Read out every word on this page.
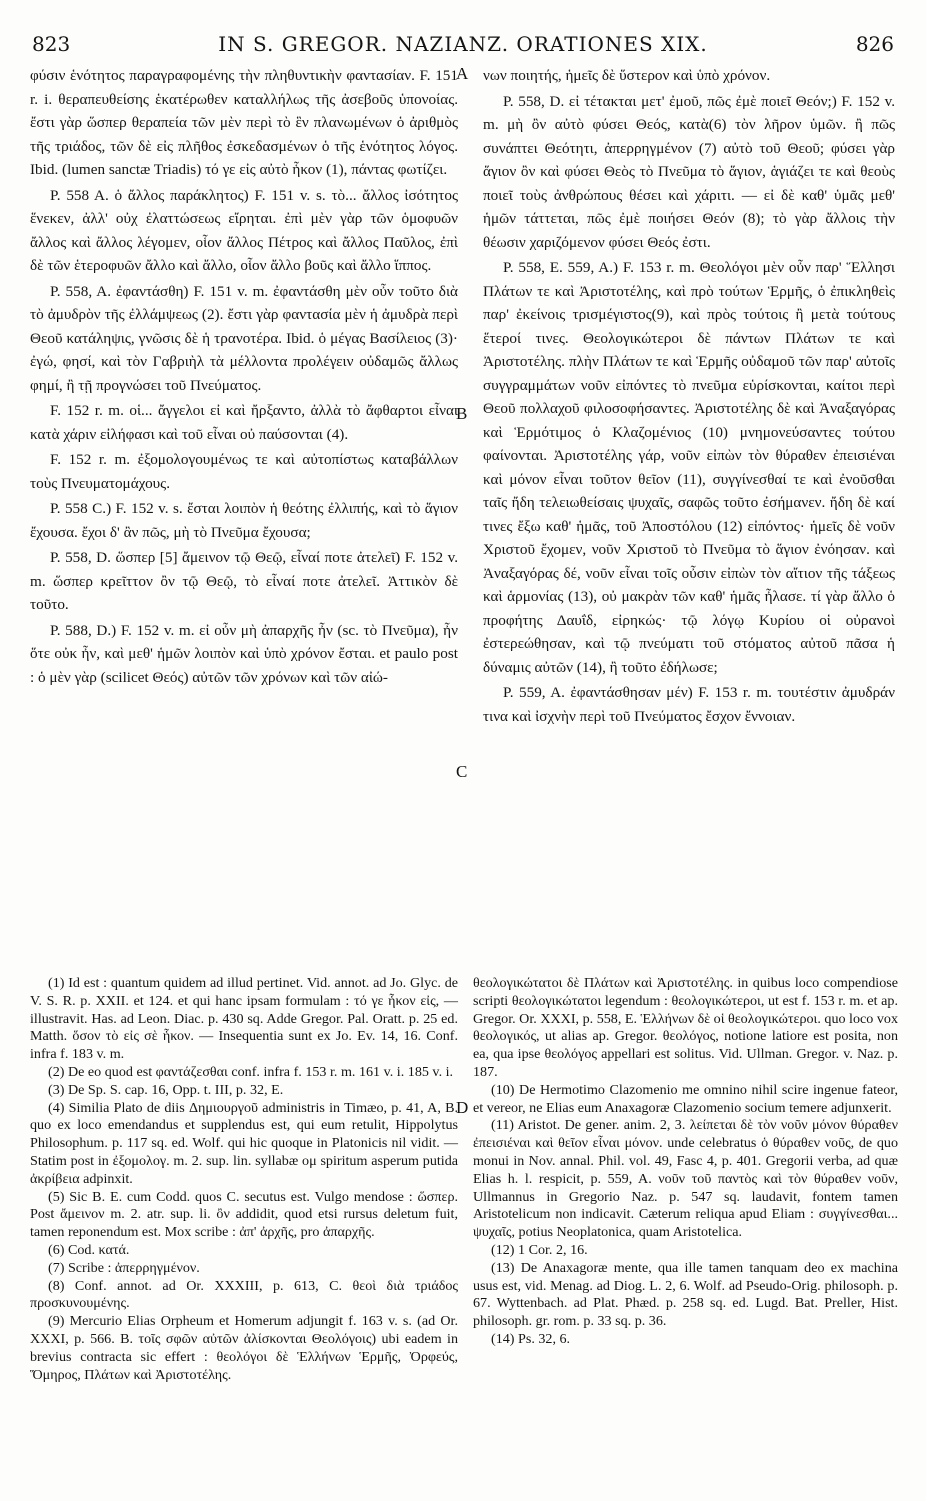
823	IN S. GREGOR. NAZIANZ. ORATIONES XIX.	826
A
B
C
D

φύσιν ἑνότητος παραγραφομένης τὴν πληθυντικὴν φαντασίαν. F. 151 r. i. θεραπευθείσης ἑκατέρωθεν καταλλήλως τῆς ἀσεβοῦς ὑπονοίας. ἔστι γὰρ ὥσπερ θεραπεία τῶν μὲν περὶ τὸ ἓν πλανωμένων ὁ ἀριθμὸς τῆς τριάδος, τῶν δὲ εἰς πλῆθος ἐσκεδασμένων ὁ τῆς ἑνότητος λόγος. Ibid. (lumen sanctæ Triadis) τό γε εἰς αὐτὸ ἧκον (1), πάντας φωτίζει.

P. 558 A. ὁ ἄλλος παράκλητος) F. 151 v. s. τὸ... ἄλλος ἰσότητος ἕνεκεν, ἀλλ' οὐχ ἐλαττώσεως εἴρηται. ἐπὶ μὲν γὰρ τῶν ὁμοφυῶν ἄλλος καὶ ἄλλος λέγομεν, οἷον ἄλλος Πέτρος καὶ ἄλλος Παῦλος, ἐπὶ δὲ τῶν ἑτεροφυῶν ἄλλο καὶ ἄλλο, οἷον ἄλλο βοῦς καὶ ἄλλο ἵππος.

P. 558, A. ἐφαντάσθη) F. 151 v. m. ἐφαντάσθη μὲν οὖν τοῦτο διὰ τὸ ἀμυδρὸν τῆς ἐλλάμψεως (2). ἔστι γὰρ φαντασία μὲν ἡ ἀμυδρὰ περὶ Θεοῦ κατάληψις, γνῶσις δὲ ἡ τρανοτέρα. Ibid. ὁ μέγας Βασίλειος (3)· ἐγώ, φησί, καὶ τὸν Γαβριὴλ τὰ μέλλοντα προλέγειν οὐδαμῶς ἄλλως φημί, ἢ τῇ προγνώσει τοῦ Πνεύματος.

F. 152 r. m. οἱ... ἄγγελοι εἰ καὶ ἤρξαντο, ἀλλὰ τὸ ἄφθαρτοι εἶναι κατὰ χάριν εἰλήφασι καὶ τοῦ εἶναι οὐ παύσονται (4).

F. 152 r. m. ἐξομολογουμένως τε καὶ αὐτοπίστως καταβάλλων τοὺς Πνευματομάχους.

P. 558 C.) F. 152 v. s. ἔσται λοιπὸν ἡ θεότης ἐλλιπής, καὶ τὸ ἅγιον ἔχουσα. ἔχοι δ' ἂν πῶς, μὴ τὸ Πνεῦμα ἔχουσα;

P. 558, D. ὥσπερ [5] ἄμεινον τῷ Θεῷ, εἶναί ποτε ἀτελεῖ) F. 152 v. m. ὥσπερ κρεῖττον ὂν τῷ Θεῷ, τὸ εἶναί ποτε ἀτελεῖ. Ἀττικὸν δὲ τοῦτο.

P. 588, D.) F. 152 v. m. εἰ οὖν μὴ ἀπαρχῆς ἦν (sc. τὸ Πνεῦμα), ἦν ὅτε οὐκ ἦν, καὶ μεθ' ἡμῶν λοιπὸν καὶ ὑπὸ χρόνον ἔσται. et paulo post : ὁ μὲν γὰρ (scilicet Θεός) αὐτῶν τῶν χρόνων καὶ τῶν αἰώ-

νων ποιητής, ἡμεῖς δὲ ὕστερον καὶ ὑπὸ χρόνον.

P. 558, D. εἰ τέτακται μετ' ἐμοῦ, πῶς ἐμὲ ποιεῖ Θεόν;) F. 152 v. m. μὴ ὂν αὐτὸ φύσει Θεός, κατὰ(6) τὸν λῆρον ὑμῶν. ἢ πῶς συνάπτει Θεότητι, ἀπερρηγμένον (7) αὐτὸ τοῦ Θεοῦ; φύσει γὰρ ἅγιον ὂν καὶ φύσει Θεὸς τὸ Πνεῦμα τὸ ἅγιον, ἁγιάζει τε καὶ θεοὺς ποιεῖ τοὺς ἀνθρώπους θέσει καὶ χάριτι. — εἰ δὲ καθ' ὑμᾶς μεθ' ἡμῶν τάττεται, πῶς ἐμὲ ποιήσει Θεόν (8); τὸ γὰρ ἄλλοις τὴν θέωσιν χαριζόμενον φύσει Θεός ἐστι.

P. 558, E. 559, A.) F. 153 r. m. Θεολόγοι μὲν οὖν παρ' Ἕλλησι Πλάτων τε καὶ Ἀριστοτέλης, καὶ πρὸ τούτων Ἑρμῆς, ὁ ἐπικληθεὶς παρ' ἐκείνοις τρισμέγιστος(9), καὶ πρὸς τούτοις ἢ μετὰ τούτους ἕτεροί τινες. Θεολογικώτεροι δὲ πάντων Πλάτων τε καὶ Ἀριστοτέλης. πλὴν Πλάτων τε καὶ Ἑρμῆς οὐδαμοῦ τῶν παρ' αὐτοῖς συγγραμμάτων νοῦν εἰπόντες τὸ πνεῦμα εὑρίσκονται, καίτοι περὶ Θεοῦ πολλαχοῦ φιλοσοφήσαντες. Ἀριστοτέλης δὲ καὶ Ἀναξαγόρας καὶ Ἑρμότιμος ὁ Κλαζομένιος (10) μνημονεύσαντες τούτου φαίνονται. Ἀριστοτέλης γάρ, νοῦν εἰπὼν τὸν θύραθεν ἐπεισιέναι καὶ μόνον εἶναι τοῦτον θεῖον (11), συγγίνεσθαί τε καὶ ἐνοῦσθαι ταῖς ἤδη τελειωθείσαις ψυχαῖς, σαφῶς τοῦτο ἐσήμανεν. ἤδη δὲ καί τινες ἔξω καθ' ἡμᾶς, τοῦ Ἀποστόλου (12) εἰπόντος· ἡμεῖς δὲ νοῦν Χριστοῦ ἔχομεν, νοῦν Χριστοῦ τὸ Πνεῦμα τὸ ἅγιον ἐνόησαν. καὶ Ἀναξαγόρας δέ, νοῦν εἶναι τοῖς οὖσιν εἰπὼν τὸν αἴτιον τῆς τάξεως καὶ ἁρμονίας (13), οὐ μακρὰν τῶν καθ' ἡμᾶς ἦλασε. τί γὰρ ἄλλο ὁ προφήτης Δαυΐδ, εἰρηκώς· τῷ λόγῳ Κυρίου οἱ οὐρανοὶ ἐστερεώθησαν, καὶ τῷ πνεύματι τοῦ στόματος αὐτοῦ πᾶσα ἡ δύναμις αὐτῶν (14), ἢ τοῦτο ἐδήλωσε;

P. 559, A. ἐφαντάσθησαν μέν) F. 153 r. m. τουτέστιν ἀμυδράν τινα καὶ ἰσχνὴν περὶ τοῦ Πνεύματος ἔσχον ἔννοιαν.

(1) Id est : quantum quidem ad illud pertinet. Vid. annot. ad Jo. Glyc. de V. S. R. p. XXII. et 124. et qui hanc ipsam formulam : τό γε ἧκον εἰς, — illustravit. Has. ad Leon. Diac. p. 430 sq. Adde Gregor. Pal. Oratt. p. 25 ed. Matth. ὅσον τὸ εἰς σὲ ἧκον. — Insequentia sunt ex Jo. Ev. 14, 16. Conf. infra f. 183 v. m.

(2) De eo quod est φαντάζεσθαι conf. infra f. 153 r. m. 161 v. i. 185 v. i.

(3) De Sp. S. cap. 16, Opp. t. III, p. 32, E.

(4) Similia Plato de diis Δημιουργοῦ administris in Timæo, p. 41, A, B. quo ex loco emendandus et supplendus est, qui eum retulit, Hippolytus Philosophum. p. 117 sq. ed. Wolf. qui hic quoque in Platonicis nil vidit. — Statim post in ἐξομολογ. m. 2. sup. lin. syllabæ ομ spiritum asperum putida ἀκρίβεια adpinxit.

(5) Sic B. E. cum Codd. quos C. secutus est. Vulgo mendose : ὥσπερ. Post ἄμεινον m. 2. atr. sup. li. ὂν addidit, quod etsi rursus deletum fuit, tamen reponendum est. Mox scribe : ἀπ' ἀρχῆς, pro ἀπαρχῆς.

(6) Cod. κατά.

(7) Scribe : ἀπερρηγμένον.

(8) Conf. annot. ad Or. XXXIII, p. 613, C. θεοὶ διὰ τριάδος προσκυνουμένης.

(9) Mercurio Elias Orpheum et Homerum adjungit f. 163 v. s. (ad Or. XXXI, p. 566. B. τοῖς σφῶν αὐτῶν ἀλίσκονται Θεολόγοις) ubi eadem in brevius contracta sic effert : θεολόγοι δὲ Ἑλλήνων Ἑρμῆς, Ὀρφεύς, Ὅμηρος, Πλάτων καὶ Ἀριστοτέλης.

θεολογικώτατοι δὲ Πλάτων καὶ Ἀριστοτέλης. in quibus loco compendiose scripti θεολογικώτατοι legendum : θεολογικώτεροι, ut est f. 153 r. m. et ap. Gregor. Or. XXXI, p. 558, E. Ἑλλήνων δὲ οἱ θεολογικώτεροι. quo loco vox θεολογικός, ut alias ap. Gregor. θεολόγος, notione latiore est posita, non ea, qua ipse θεολόγος appellari est solitus. Vid. Ullman. Gregor. v. Naz. p. 187.

(10) De Hermotimo Clazomenio me omnino nihil scire ingenue fateor, et vereor, ne Elias eum Anaxagoræ Clazomenio socium temere adjunxerit.

(11) Aristot. De gener. anim. 2, 3. λείπεται δὲ τὸν νοῦν μόνον θύραθεν ἐπεισιέναι καὶ θεῖον εἶναι μόνον. unde celebratus ὁ θύραθεν νοῦς, de quo monui in Nov. annal. Phil. vol. 49, Fasc 4, p. 401. Gregorii verba, ad quæ Elias h. l. respicit, p. 559, A. νοῦν τοῦ παντὸς καὶ τὸν θύραθεν νοῦν, Ullmannus in Gregorio Naz. p. 547 sq. laudavit, fontem tamen Aristotelicum non indicavit. Cæterum reliqua apud Eliam : συγγίνεσθαι... ψυχαῖς, potius Neoplatonica, quam Aristotelica.

(12) 1 Cor. 2, 16.

(13) De Anaxagoræ mente, qua ille tamen tanquam deo ex machina usus est, vid. Menag. ad Diog. L. 2, 6. Wolf. ad Pseudo-Orig. philosoph. p. 67. Wyttenbach. ad Plat. Phæd. p. 258 sq. ed. Lugd. Bat. Preller, Hist. philosoph. gr. rom. p. 33 sq. p. 36.

(14) Ps. 32, 6.
